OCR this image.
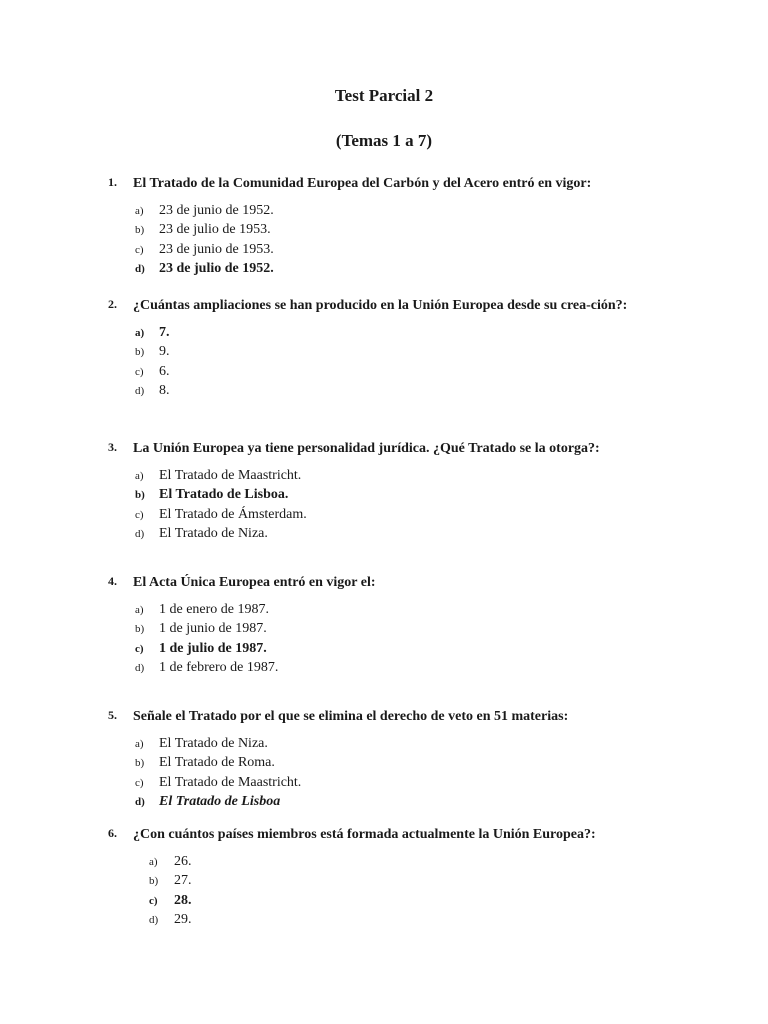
Test Parcial 2
(Temas 1 a 7)
1. El Tratado de la Comunidad Europea del Carbón y del Acero entró en vigor:
a) 23 de junio de 1952.
b) 23 de julio de 1953.
c) 23 de junio de 1953.
d) 23 de julio de 1952.
2. ¿Cuántas ampliaciones se han producido en la Unión Europea desde su crea-ción?:
a) 7.
b) 9.
c) 6.
d) 8.
3. La Unión Europea ya tiene personalidad jurídica. ¿Qué Tratado se la otorga?:
a) El Tratado de Maastricht.
b) El Tratado de Lisboa.
c) El Tratado de Ámsterdam.
d) El Tratado de Niza.
4. El Acta Única Europea entró en vigor el:
a) 1 de enero de 1987.
b) 1 de junio de 1987.
c) 1 de julio de 1987.
d) 1 de febrero de 1987.
5. Señale el Tratado por el que se elimina el derecho de veto en 51 materias:
a) El Tratado de Niza.
b) El Tratado de Roma.
c) El Tratado de Maastricht.
d) El Tratado de Lisboa
6. ¿Con cuántos países miembros está formada actualmente la Unión Europea?:
a) 26.
b) 27.
c) 28.
d) 29.
